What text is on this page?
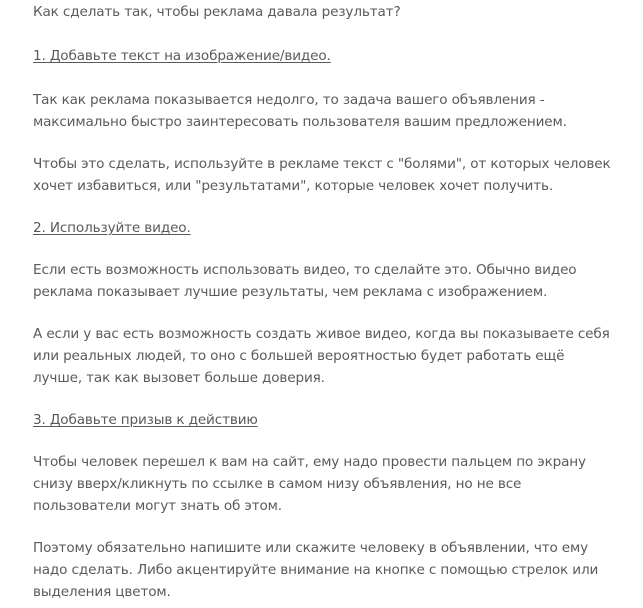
Как сделать так, чтобы реклама давала результат?
1. Добавьте текст на изображение/видео.
Так как реклама показывается недолго, то задача вашего объявления -
максимально быстро заинтересовать пользователя вашим предложением.
Чтобы это сделать, используйте в рекламе текст с "болями", от которых человек
хочет избавиться, или "результатами", которые человек хочет получить.
2. Используйте видео.
Если есть возможность использовать видео, то сделайте это. Обычно видео
реклама показывает лучшие результаты, чем реклама с изображением.
А если у вас есть возможность создать живое видео, когда вы показываете себя
или реальных людей, то оно с большей вероятностью будет работать ещё
лучше, так как вызовет больше доверия.
3. Добавьте призыв к действию
Чтобы человек перешел к вам на сайт, ему надо провести пальцем по экрану
снизу вверх/кликнуть по ссылке в самом низу объявления, но не все
пользователи могут знать об этом.
Поэтому обязательно напишите или скажите человеку в объявлении, что ему
надо сделать. Либо акцентируйте внимание на кнопке с помощью стрелок или
выделения цветом.
